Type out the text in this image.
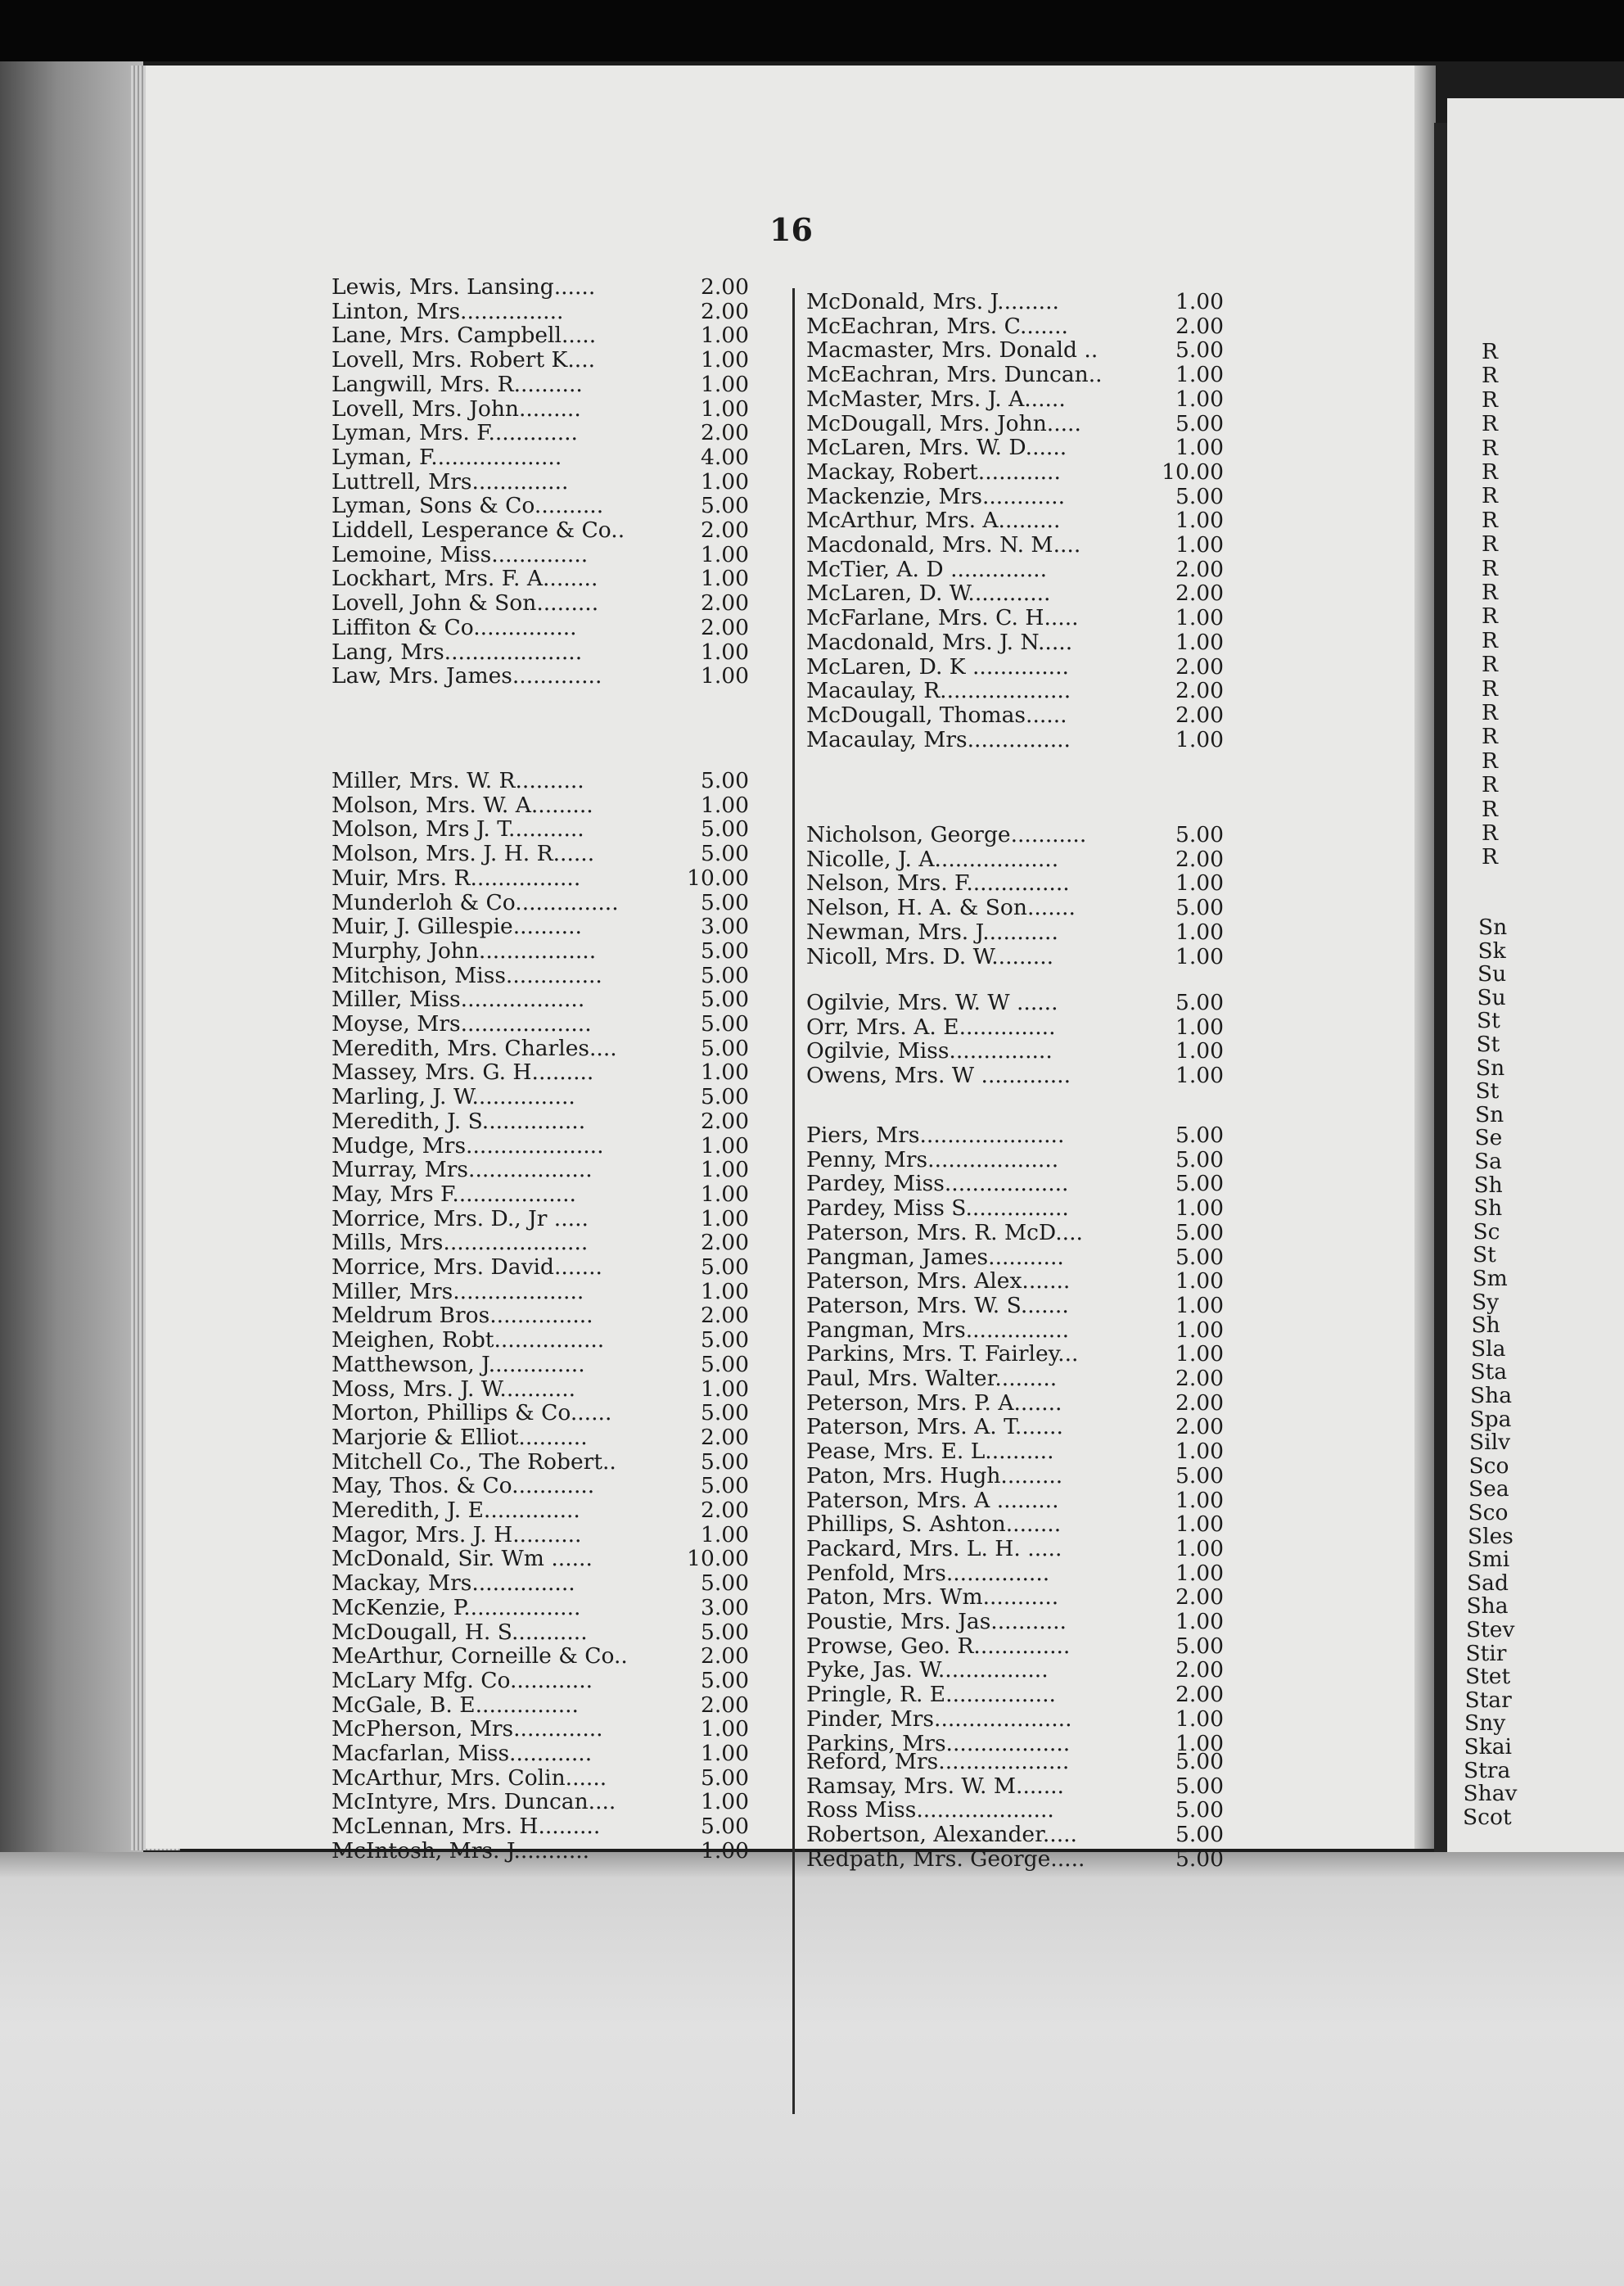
R
R
R
R
R
R
R
R
R
R
R
R
R
R
R
R
R
R
R
R
R
R
Sn
Sk
Su
Su
St
St
Sn
St
Sn
Se
Sa
Sh
Sh
Sc
St
Sm
Sy
Sh
Sla
Sta
Sha
Spa
Silv
Sco
Sea
Sco
Sles
Smi
Sad
Sha
Stev
Stir
Stet
Star
Sny
Skai
Stra
Shav
Scot
16
Lewis, Mrs. Lansing......	2.00
Linton, Mrs...............	2.00
Lane, Mrs. Campbell.....	1.00
Lovell, Mrs. Robert K....	1.00
Langwill, Mrs. R..........	1.00
Lovell, Mrs. John.........	1.00
Lyman, Mrs. F.............	2.00
Lyman, F...................	4.00
Luttrell, Mrs..............	1.00
Lyman, Sons & Co..........	5.00
Liddell, Lesperance & Co..	2.00
Lemoine, Miss..............	1.00
Lockhart, Mrs. F. A........	1.00
Lovell, John & Son.........	2.00
Liffiton & Co...............	2.00
Lang, Mrs....................	1.00
Law, Mrs. James.............	1.00
Miller, Mrs. W. R..........	5.00
Molson, Mrs. W. A.........	1.00
Molson, Mrs J. T...........	5.00
Molson, Mrs. J. H. R......	5.00
Muir, Mrs. R................	10.00
Munderloh & Co...............	5.00
Muir, J. Gillespie..........	3.00
Murphy, John.................	5.00
Mitchison, Miss..............	5.00
Miller, Miss..................	5.00
Moyse, Mrs...................	5.00
Meredith, Mrs. Charles....	5.00
Massey, Mrs. G. H.........	1.00
Marling, J. W...............	5.00
Meredith, J. S...............	2.00
Mudge, Mrs....................	1.00
Murray, Mrs..................	1.00
May, Mrs F..................	1.00
Morrice, Mrs. D., Jr .....	1.00
Mills, Mrs.....................	2.00
Morrice, Mrs. David.......	5.00
Miller, Mrs...................	1.00
Meldrum Bros...............	2.00
Meighen, Robt................	5.00
Matthewson, J..............	5.00
Moss, Mrs. J. W...........	1.00
Morton, Phillips & Co......	5.00
Marjorie & Elliot..........	2.00
Mitchell Co., The Robert..	5.00
May, Thos. & Co............	5.00
Meredith, J. E..............	2.00
Magor, Mrs. J. H..........	1.00
McDonald, Sir. Wm ......	10.00
Mackay, Mrs...............	5.00
McKenzie, P.................	3.00
McDougall, H. S...........	5.00
MeArthur, Corneille & Co..	2.00
McLary Mfg. Co............	5.00
McGale, B. E...............	2.00
McPherson, Mrs.............	1.00
Macfarlan, Miss............	1.00
McArthur, Mrs. Colin......	5.00
McIntyre, Mrs. Duncan....	1.00
McLennan, Mrs. H.........	5.00
McIntosh, Mrs. J...........	1.00
McDonald, Mrs. J.........	1.00
McEachran, Mrs. C.......	2.00
Macmaster, Mrs. Donald ..	5.00
McEachran, Mrs. Duncan..	1.00
McMaster, Mrs. J. A......	1.00
McDougall, Mrs. John.....	5.00
McLaren, Mrs. W. D......	1.00
Mackay, Robert............	10.00
Mackenzie, Mrs............	5.00
McArthur, Mrs. A.........	1.00
Macdonald, Mrs. N. M....	1.00
McTier, A. D ..............	2.00
McLaren, D. W............	2.00
McFarlane, Mrs. C. H.....	1.00
Macdonald, Mrs. J. N.....	1.00
McLaren, D. K ..............	2.00
Macaulay, R...................	2.00
McDougall, Thomas......	2.00
Macaulay, Mrs...............	1.00
Nicholson, George...........	5.00
Nicolle, J. A..................	2.00
Nelson, Mrs. F...............	1.00
Nelson, H. A. & Son.......	5.00
Newman, Mrs. J...........	1.00
Nicoll, Mrs. D. W.........	1.00
Ogilvie, Mrs. W. W ......	5.00
Orr, Mrs. A. E..............	1.00
Ogilvie, Miss...............	1.00
Owens, Mrs. W .............	1.00
Piers, Mrs.....................	5.00
Penny, Mrs...................	5.00
Pardey, Miss..................	5.00
Pardey, Miss S...............	1.00
Paterson, Mrs. R. McD....	5.00
Pangman, James...........	5.00
Paterson, Mrs. Alex.......	1.00
Paterson, Mrs. W. S.......	1.00
Pangman, Mrs...............	1.00
Parkins, Mrs. T. Fairley...	1.00
Paul, Mrs. Walter.........	2.00
Peterson, Mrs. P. A.......	2.00
Paterson, Mrs. A. T.......	2.00
Pease, Mrs. E. L..........	1.00
Paton, Mrs. Hugh.........	5.00
Paterson, Mrs. A .........	1.00
Phillips, S. Ashton........	1.00
Packard, Mrs. L. H. .....	1.00
Penfold, Mrs...............	1.00
Paton, Mrs. Wm...........	2.00
Poustie, Mrs. Jas...........	1.00
Prowse, Geo. R..............	5.00
Pyke, Jas. W................	2.00
Pringle, R. E................	2.00
Pinder, Mrs....................	1.00
Parkins, Mrs..................	1.00
Reford, Mrs...................	5.00
Ramsay, Mrs. W. M.......	5.00
Ross Miss....................	5.00
Robertson, Alexander.....	5.00
Redpath, Mrs. George.....	5.00
